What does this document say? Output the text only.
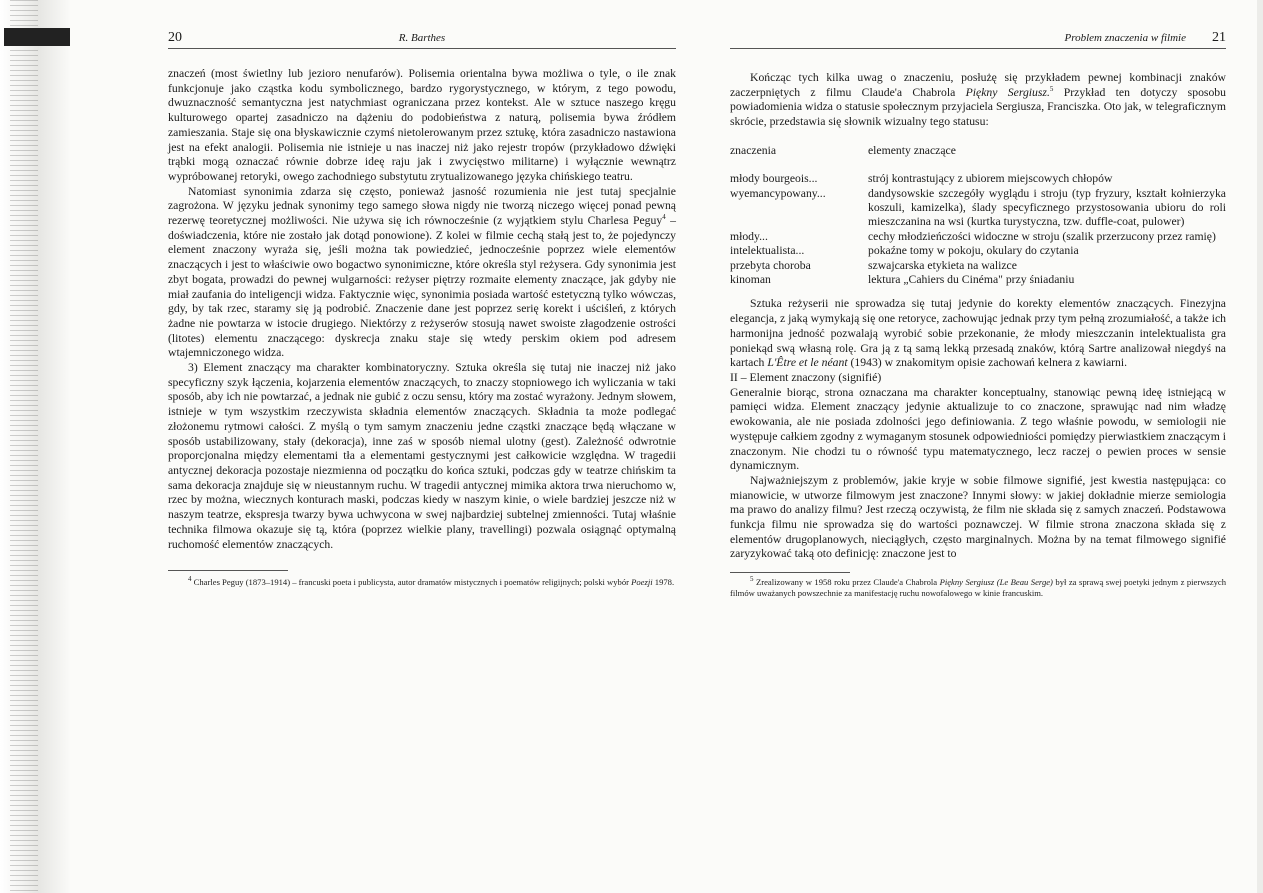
20	R. Barthes

znaczeń (most świetlny lub jezioro nenufarów). Polisemia orientalna bywa możliwa o tyle, o ile znak funkcjonuje jako cząstka kodu symbolicznego, bardzo rygorystycznego, w którym, z tego powodu, dwuznaczność semantyczna jest natychmiast ograniczana przez kontekst. Ale w sztuce naszego kręgu kulturowego opartej zasadniczo na dążeniu do podobieństwa z naturą, polisemia bywa źródłem zamieszania. Staje się ona błyskawicznie czymś nietolerowanym przez sztukę, która zasadniczo nastawiona jest na efekt analogii. Polisemia nie istnieje u nas inaczej niż jako rejestr tropów (przykładowo dźwięki trąbki mogą oznaczać równie dobrze ideę raju jak i zwycięstwo militarne) i wyłącznie wewnątrz wypróbowanej retoryki, owego zachodniego substytutu zrytualizowanego języka chińskiego teatru.

Natomiast synonimia zdarza się często, ponieważ jasność rozumienia nie jest tutaj specjalnie zagrożona. W języku jednak synonimy tego samego słowa nigdy nie tworzą niczego więcej ponad pewną rezerwę teoretycznej możliwości. Nie używa się ich równocześnie (z wyjątkiem stylu Charlesa Peguy$^4$ – doświadczenia, które nie zostało jak dotąd ponowione). Z kolei w filmie cechą stałą jest to, że pojedynczy element znaczony wyraża się, jeśli można tak powiedzieć, jednocześnie poprzez wiele elementów znaczących i jest to właściwie owo bogactwo synonimiczne, które określa styl reżysera. Gdy synonimia jest zbyt bogata, prowadzi do pewnej wulgarności: reżyser piętrzy rozmaite elementy znaczące, jak gdyby nie miał zaufania do inteligencji widza. Faktycznie więc, synonimia posiada wartość estetyczną tylko wówczas, gdy, by tak rzec, staramy się ją podrobić. Znaczenie dane jest poprzez serię korekt i uściśleń, z których żadne nie powtarza w istocie drugiego. Niektórzy z reżyserów stosują nawet swoiste złagodzenie ostrości (litotes) elementu znaczącego: dyskrecja znaku staje się wtedy perskim okiem pod adresem wtajemniczonego widza.

3) Element znaczący ma charakter kombinatoryczny. Sztuka określa się tutaj nie inaczej niż jako specyficzny szyk łączenia, kojarzenia elementów znaczących, to znaczy stopniowego ich wyliczania w taki sposób, aby ich nie powtarzać, a jednak nie gubić z oczu sensu, który ma zostać wyrażony. Jednym słowem, istnieje w tym wszystkim rzeczywista składnia elementów znaczących. Składnia ta może podlegać złożonemu rytmowi całości. Z myślą o tym samym znaczeniu jedne cząstki znaczące będą włączane w sposób ustabilizowany, stały (dekoracja), inne zaś w sposób niemal ulotny (gest). Zależność odwrotnie proporcjonalna między elementami tła a elementami gestycznymi jest całkowicie względna. W tragedii antycznej dekoracja pozostaje niezmienna od początku do końca sztuki, podczas gdy w teatrze chińskim ta sama dekoracja znajduje się w nieustannym ruchu. W tragedii antycznej mimika aktora trwa nieruchomo w, rzec by można, wiecznych konturach maski, podczas kiedy w naszym kinie, o wiele bardziej jeszcze niż w naszym teatrze, ekspresja twarzy bywa uchwycona w swej najbardziej subtelnej zmienności. Tutaj właśnie technika filmowa okazuje się tą, która (poprzez wielkie plany, travellingi) pozwala osiągnąć optymalną ruchomość elementów znaczących.

$^4$ Charles Peguy (1873–1914) – francuski poeta i publicysta, autor dramatów mistycznych i poematów religijnych; polski wybór Poezji 1978.
Problem znaczenia w filmie 21

Kończąc tych kilka uwag o znaczeniu, posłużę się przykładem pewnej kombinacji znaków zaczerpniętych z filmu Claude'a Chabrola Piękny Sergiusz.$^5$ Przykład ten dotyczy sposobu powiadomienia widza o statusie społecznym przyjaciela Sergiusza, Franciszka. Oto jak, w telegraficznym skrócie, przedstawia się słownik wizualny tego statusu:

znaczenia	elementy znaczące
młody bourgeois...	strój kontrastujący z ubiorem miejscowych chłopów
wyemancypowany...	dandysowskie szczegóły wyglądu i stroju (typ fryzury, kształt kołnierzyka koszuli, kamizelka), ślady specyficznego przystosowania ubioru do roli mieszczanina na wsi (kurtka turystyczna, tzw. duffle-coat, pulower)
młody...	cechy młodzieńczości widoczne w stroju (szalik przerzucony przez ramię)
intelektualista...	pokaźne tomy w pokoju, okulary do czytania
przebyta choroba	szwajcarska etykieta na walizce
kinoman	lektura „Cahiers du Cinéma" przy śniadaniu

Sztuka reżyserii nie sprowadza się tutaj jedynie do korekty elementów znaczących. Finezyjna elegancja, z jaką wymykają się one retoryce, zachowując jednak przy tym pełną zrozumiałość, a także ich harmonijna jedność pozwalają wyrobić sobie przekonanie, że młody mieszczanin intelektualista gra poniekąd swą własną rolę. Gra ją z tą samą lekką przesadą znaków, którą Sartre analizował niegdyś na kartach L'Être et le néant (1943) w znakomitym opisie zachowań kelnera z kawiarni.

II – Element znaczony (signifié)

Generalnie biorąc, strona oznaczana ma charakter konceptualny, stanowiąc pewną ideę istniejącą w pamięci widza. Element znaczący jedynie aktualizuje to co znaczone, sprawując nad nim władzę ewokowania, ale nie posiada zdolności jego definiowania. Z tego właśnie powodu, w semiologii nie występuje całkiem zgodny z wymaganym stosunek odpowiedniości pomiędzy pierwiastkiem znaczącym i znaczonym. Nie chodzi tu o równość typu matematycznego, lecz raczej o pewien proces w sensie dynamicznym.

Najważniejszym z problemów, jakie kryje w sobie filmowe signifié, jest kwestia następująca: co mianowicie, w utworze filmowym jest znaczone? Innymi słowy: w jakiej dokładnie mierze semiologia ma prawo do analizy filmu? Jest rzeczą oczywistą, że film nie składa się z samych znaczeń. Podstawowa funkcja filmu nie sprowadza się do wartości poznawczej. W filmie strona znaczona składa się z elementów drugoplanowych, nieciągłych, często marginalnych. Można by na temat filmowego signifié zaryzykować taką oto definicję: znaczone jest to

$^5$ Zrealizowany w 1958 roku przez Claude'a Chabrola Piękny Sergiusz (Le Beau Serge) był za sprawą swej poetyki jednym z pierwszych filmów uważanych powszechnie za manifestację ruchu nowofalowego w kinie francuskim.
